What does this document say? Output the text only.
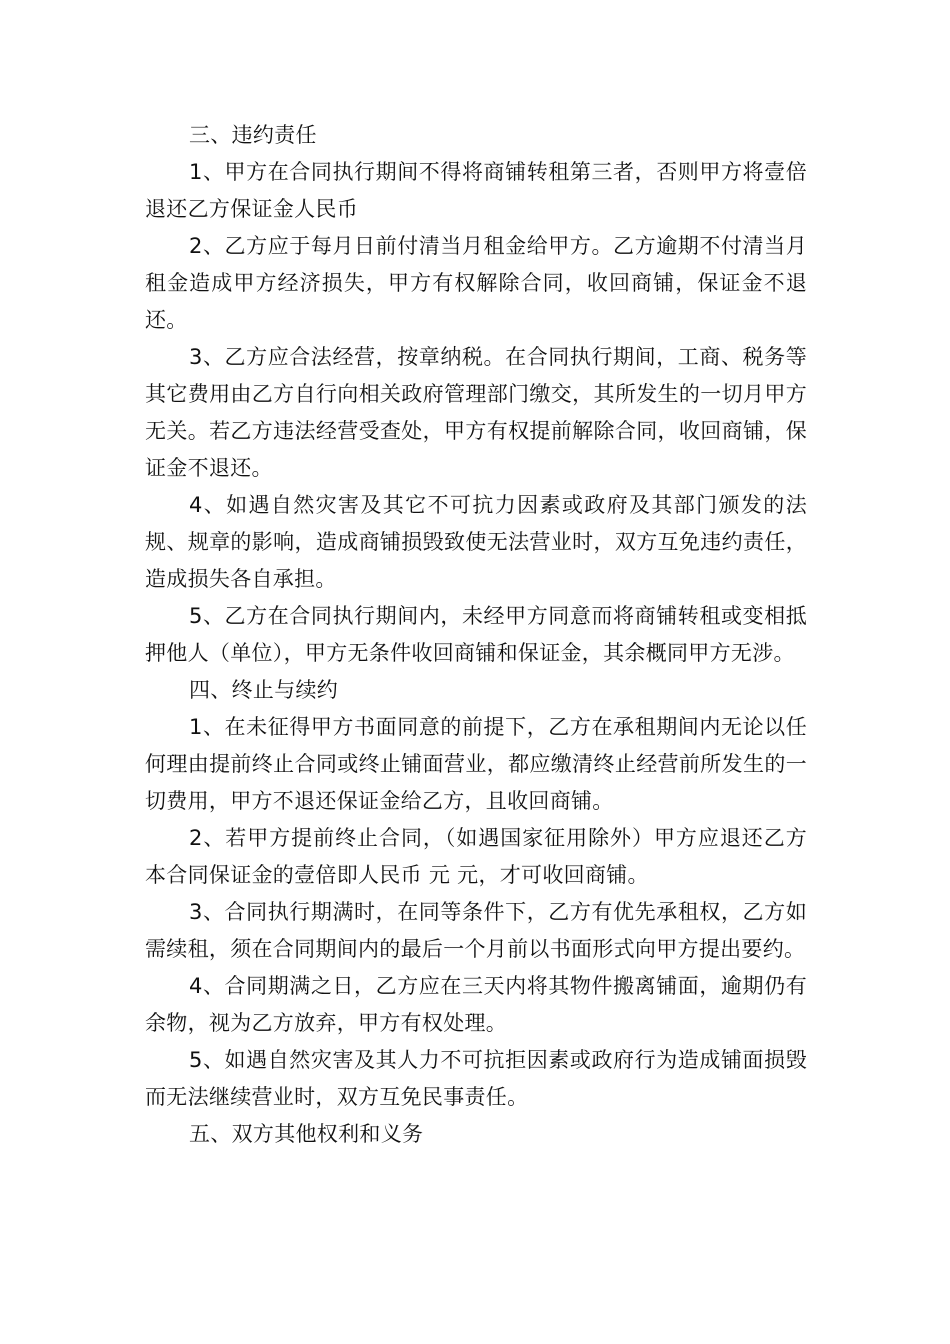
三、违约责任

1、甲方在合同执行期间不得将商铺转租第三者，否则甲方将壹倍退还乙方保证金人民币

2、乙方应于每月日前付清当月租金给甲方。乙方逾期不付清当月租金造成甲方经济损失，甲方有权解除合同，收回商铺，保证金不退还。

3、乙方应合法经营，按章纳税。在合同执行期间，工商、税务等其它费用由乙方自行向相关政府管理部门缴交，其所发生的一切月甲方无关。若乙方违法经营受查处，甲方有权提前解除合同，收回商铺，保证金不退还。

4、如遇自然灾害及其它不可抗力因素或政府及其部门颁发的法规、规章的影响，造成商铺损毁致使无法营业时，双方互免违约责任，造成损失各自承担。

5、乙方在合同执行期间内，未经甲方同意而将商铺转租或变相抵押他人（单位），甲方无条件收回商铺和保证金，其余概同甲方无涉。

四、终止与续约

1、在未征得甲方书面同意的前提下，乙方在承租期间内无论以任何理由提前终止合同或终止铺面营业，都应缴清终止经营前所发生的一切费用，甲方不退还保证金给乙方，且收回商铺。

2、若甲方提前终止合同，（如遇国家征用除外）甲方应退还乙方本合同保证金的壹倍即人民币 元 元，才可收回商铺。

3、合同执行期满时，在同等条件下，乙方有优先承租权，乙方如需续租，须在合同期间内的最后一个月前以书面形式向甲方提出要约。

4、合同期满之日，乙方应在三天内将其物件搬离铺面，逾期仍有余物，视为乙方放弃，甲方有权处理。

5、如遇自然灾害及其人力不可抗拒因素或政府行为造成铺面损毁而无法继续营业时，双方互免民事责任。

五、双方其他权利和义务
